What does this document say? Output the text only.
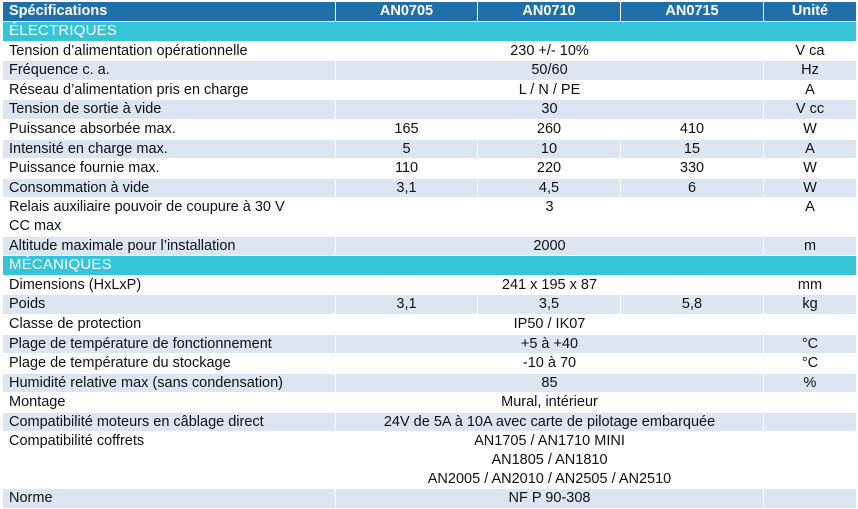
Spécifications	AN0705	AN0710	AN0715	Unité
ÉLECTRIQUES				
Tension d’alimentation opérationnelle	230 +/- 10%			V ca
Fréquence c. a.	50/60			Hz
Réseau d’alimentation pris en charge	L / N / PE			A
Tension de sortie à vide	30			V cc
Puissance absorbée max.	165	260	410	W
Intensité en charge max.	5	10	15	A
Puissance fournie max.	110	220	330	W
Consommation à vide	3,1	4,5	6	W

Relais auxiliaire pouvoir de coupure à 30 V
CC max	3			A
Altitude maximale pour l’installation	2000			m
MÉCANIQUES				
Dimensions (HxLxP)	241 x 195 x 87			mm
Poids	3,1	3,5	5,8	kg
Classe de protection	IP50 / IK07			
Plage de température de fonctionnement	+5 à +40			°C
Plage de température du stockage	-10 à 70			°C
Humidité relative max (sans condensation)	85			%
Montage	Mural, intérieur			
Compatibilité moteurs en câblage direct	24V de 5A à 10A avec carte de pilotage embarquée			
Compatibilité coffrets	AN1705 / AN1710 MINI
AN1805 / AN1810
AN2005 / AN2010 / AN2505 / AN2510			

Norme	NF P 90-308			
